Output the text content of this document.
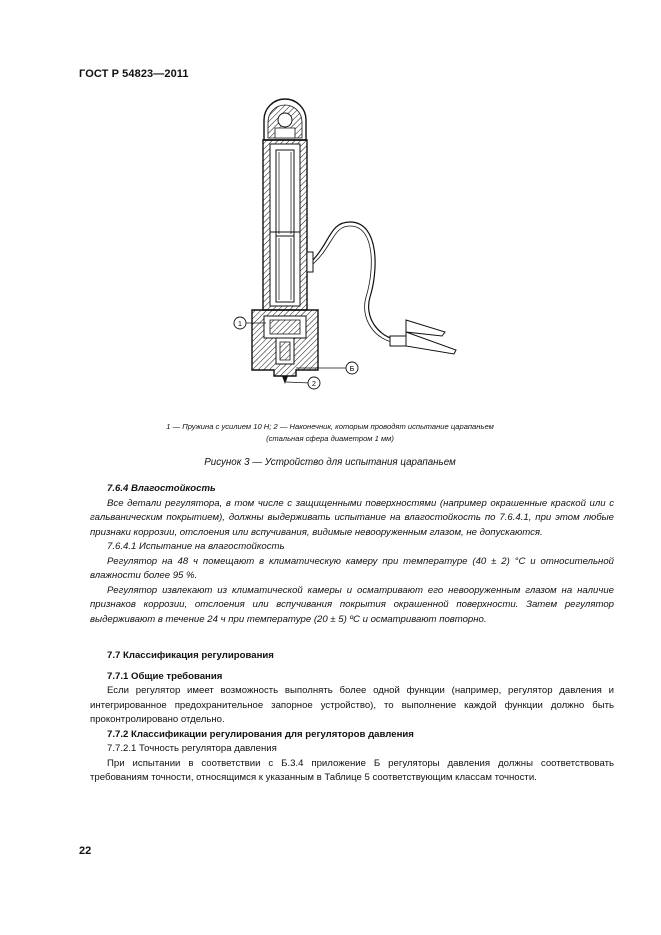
ГОСТ Р 54823—2011
1
2
Б
1 — Пружина с усилием 10 Н; 2 — Наконечник, которым проводят испытание царапаньем
(стальная сфера диаметром 1 мм)
Рисунок 3 — Устройство для испытания царапаньем

7.6.4 Влагостойкость

Все детали регулятора, в том числе с защищенными поверхностями (например окрашенные краской или с гальваническим покрытием), должны выдерживать испытание на влагостойкость по 7.6.4.1, при этом любые признаки коррозии, отслоения или вспучивания, видимые невооруженным глазом, не допускаются.

7.6.4.1 Испытание на влагостойкость

Регулятор на 48 ч помещают в климатическую камеру при температуре (40 ± 2) °С и относительной влажности более 95 %.

Регулятор извлекают из климатической камеры и осматривают его невооруженным глазом на наличие признаков коррозии, отслоения или вспучивания покрытия окрашенной поверхности. Затем регулятор выдерживают в течение 24 ч при температуре (20 ± 5) ºС и осматривают повторно.

7.7 Классификация регулирования

7.7.1 Общие требования

Если регулятор имеет возможность выполнять более одной функции (например, регулятор давления и интегрированное предохранительное запорное устройство), то выполнение каждой функции должно быть проконтролировано отдельно.

7.7.2 Классификации регулирования для регуляторов давления

7.7.2.1 Точность регулятора давления

При испытании в соответствии с Б.3.4 приложение Б регуляторы давления должны соответствовать требованиям точности, относящимся к указанным в Таблице 5 соответствующим классам точности.

22
